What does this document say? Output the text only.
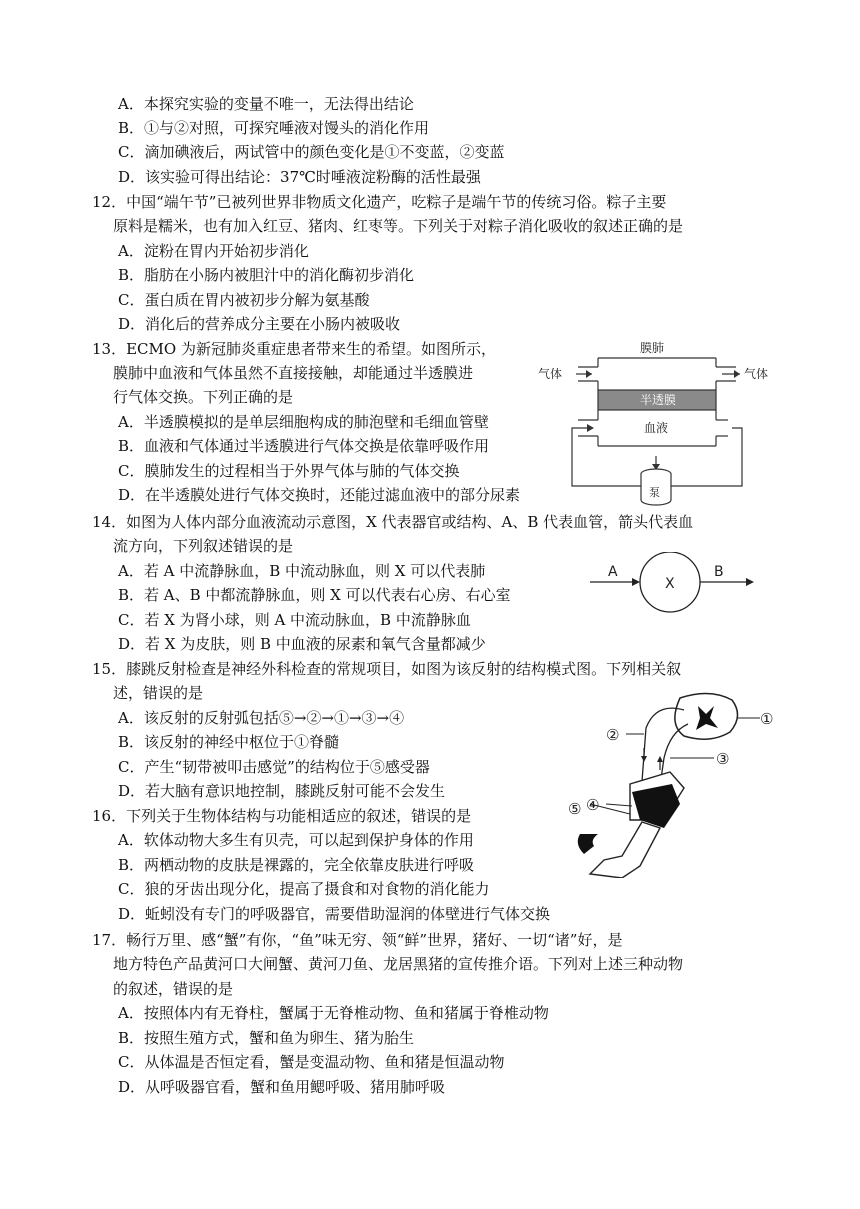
A．本探究实验的变量不唯一，无法得出结论
B．①与②对照，可探究唾液对馒头的消化作用
C．滴加碘液后，两试管中的颜色变化是①不变蓝，②变蓝
D．该实验可得出结论：37℃时唾液淀粉酶的活性最强
12．中国“端午节”已被列世界非物质文化遗产，吃粽子是端午节的传统习俗。粽子主要
原料是糯米，也有加入红豆、猪肉、红枣等。下列关于对粽子消化吸收的叙述正确的是
A．淀粉在胃内开始初步消化
B．脂肪在小肠内被胆汁中的消化酶初步消化
C．蛋白质在胃内被初步分解为氨基酸
D．消化后的营养成分主要在小肠内被吸收
13．ECMO 为新冠肺炎重症患者带来生的希望。如图所示，
膜肺中血液和气体虽然不直接接触，却能通过半透膜进
行气体交换。下列正确的是
A．半透膜模拟的是单层细胞构成的肺泡壁和毛细血管壁
B．血液和气体通过半透膜进行气体交换是依靠呼吸作用
C．膜肺发生的过程相当于外界气体与肺的气体交换
D．在半透膜处进行气体交换时，还能过滤血液中的部分尿素
膜肺
气体	气体
半透膜
血液
泵
14．如图为人体内部分血液流动示意图，X 代表器官或结构、A、B 代表血管，箭头代表血
流方向，下列叙述错误的是
A．若 A 中流静脉血，B 中流动脉血，则 X 可以代表肺
B．若 A、B 中都流静脉血，则 X 可以代表右心房、右心室
C．若 X 为肾小球，则 A 中流动脉血，B 中流静脉血
D．若 X 为皮肤，则 B 中血液的尿素和氧气含量都减少
A
X
B
15．膝跳反射检查是神经外科检查的常规项目，如图为该反射的结构模式图。下列相关叙
述，错误的是
A．该反射的反射弧包括⑤→②→①→③→④
B．该反射的神经中枢位于①脊髓
C．产生“韧带被叩击感觉”的结构位于⑤感受器
D．若大脑有意识地控制，膝跳反射可能不会发生
①
②
③
④
⑤
16．下列关于生物体结构与功能相适应的叙述，错误的是
A．软体动物大多生有贝壳，可以起到保护身体的作用
B．两栖动物的皮肤是裸露的，完全依靠皮肤进行呼吸
C．狼的牙齿出现分化，提高了摄食和对食物的消化能力
D．蚯蚓没有专门的呼吸器官，需要借助湿润的体壁进行气体交换
17．畅行万里、感“蟹”有你，“鱼”味无穷、领“鲜”世界，猪好、一切“诸”好，是
地方特色产品黄河口大闸蟹、黄河刀鱼、龙居黑猪的宣传推介语。下列对上述三种动物
的叙述，错误的是
A．按照体内有无脊柱，蟹属于无脊椎动物、鱼和猪属于脊椎动物
B．按照生殖方式，蟹和鱼为卵生、猪为胎生
C．从体温是否恒定看，蟹是变温动物、鱼和猪是恒温动物
D．从呼吸器官看，蟹和鱼用鳃呼吸、猪用肺呼吸
